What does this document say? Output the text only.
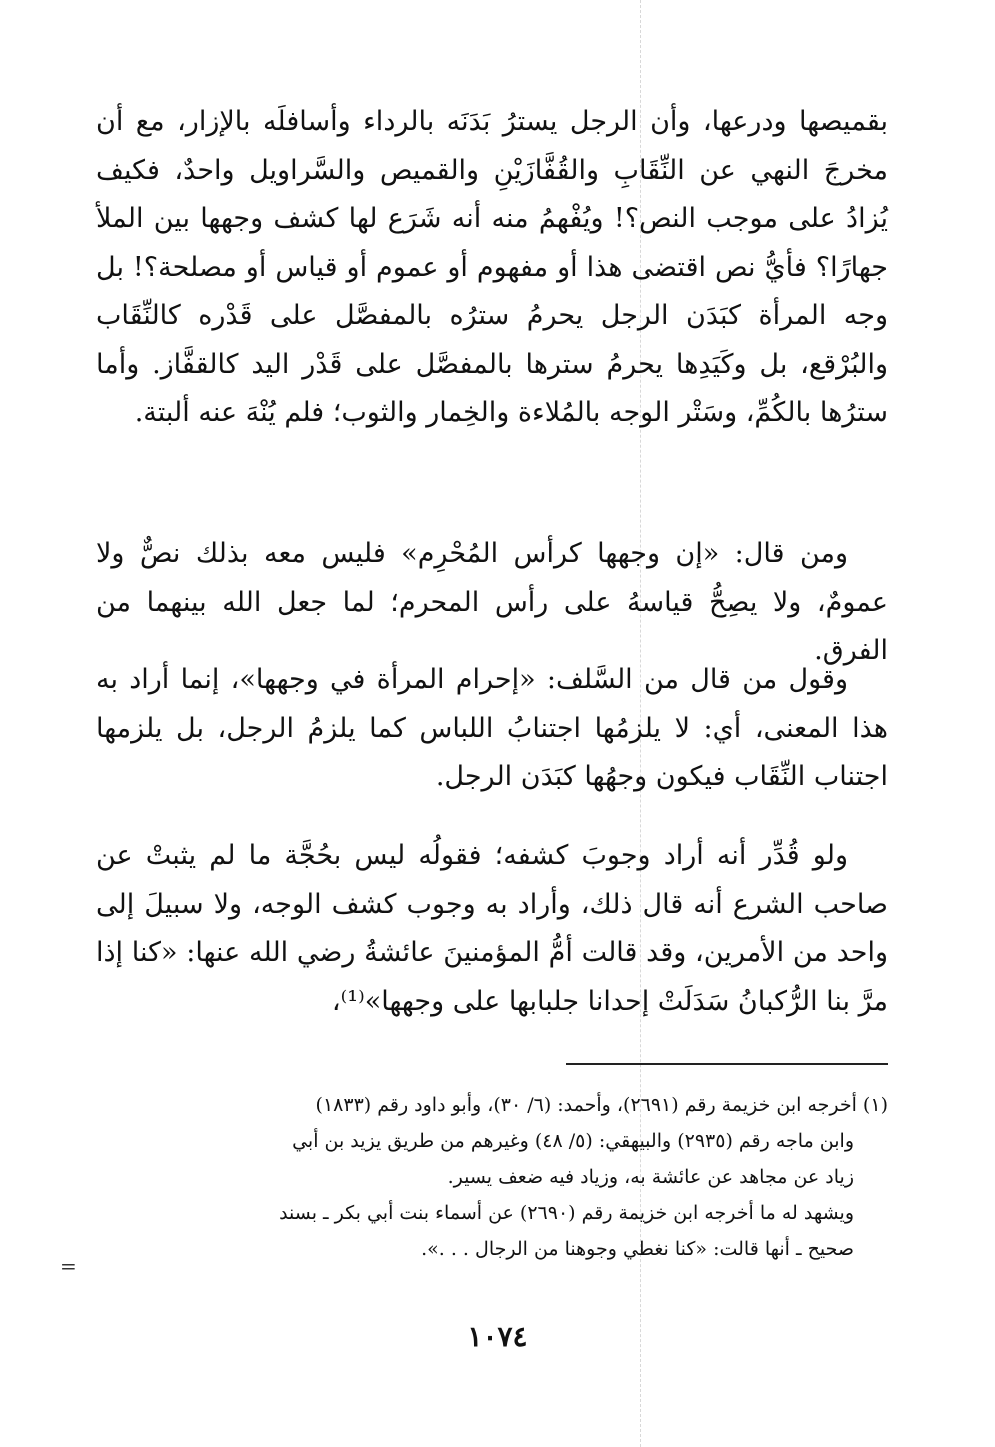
بقميصها ودرعها، وأن الرجل يسترُ بَدَنَه بالرداء وأسافلَه بالإزار، مع أن مخرجَ النهي عن النِّقَابِ والقُفَّازَيْنِ والقميص والسَّراويل واحدٌ، فكيف يُزادُ على موجب النص؟! ويُفْهمُ منه أنه شَرَع لها كشف وجهها بين الملأ جهارًا؟ فأيُّ نص اقتضى هذا أو مفهوم أو عموم أو قياس أو مصلحة؟! بل وجه المرأة كبَدَن الرجل يحرمُ سترُه بالمفصَّل على قَدْره كالنِّقَاب والبُرْقع، بل وكَيَدِها يحرمُ سترها بالمفصَّل على قَدْر اليد كالقفَّاز. وأما سترُها بالكُمِّ، وسَتْر الوجه بالمُلاءة والخِمار والثوب؛ فلم يُنْهَ عنه ألبتة.

ومن قال: «إن وجهها كرأس المُحْرِم» فليس معه بذلك نصٌّ ولا عمومٌ، ولا يصِحُّ قياسهُ على رأس المحرم؛ لما جعل الله بينهما من الفرق.

وقول من قال من السَّلف: «إحرام المرأة في وجهها»، إنما أراد به هذا المعنى، أي: لا يلزمُها اجتنابُ اللباس كما يلزمُ الرجل، بل يلزمها اجتناب النِّقَاب فيكون وجهُها كبَدَن الرجل.

ولو قُدِّر أنه أراد وجوبَ كشفه؛ فقولُه ليس بحُجَّة ما لم يثبتْ عن صاحب الشرع أنه قال ذلك، وأراد به وجوب كشف الوجه، ولا سبيلَ إلى واحد من الأمرين، وقد قالت أمُّ المؤمنينَ عائشةُ رضي الله عنها: «كنا إذا مرَّ بنا الرُّكبانُ سَدَلَتْ إحدانا جلبابها على وجهها»⁽¹⁾،

(١) أخرجه ابن خزيمة رقم (٢٦٩١)، وأحمد: (٦/ ٣٠)، وأبو داود رقم (١٨٣٣)
وابن ماجه رقم (٢٩٣٥) والبيهقي: (٥/ ٤٨) وغيرهم من طريق يزيد بن أبي
زياد عن مجاهد عن عائشة به، وزياد فيه ضعف يسير.
ويشهد له ما أخرجه ابن خزيمة رقم (٢٦٩٠) عن أسماء بنت أبي بكر ـ بسند
صحيح ـ أنها قالت: «كنا نغطي وجوهنا من الرجال . . .».
=
١٠٧٤
